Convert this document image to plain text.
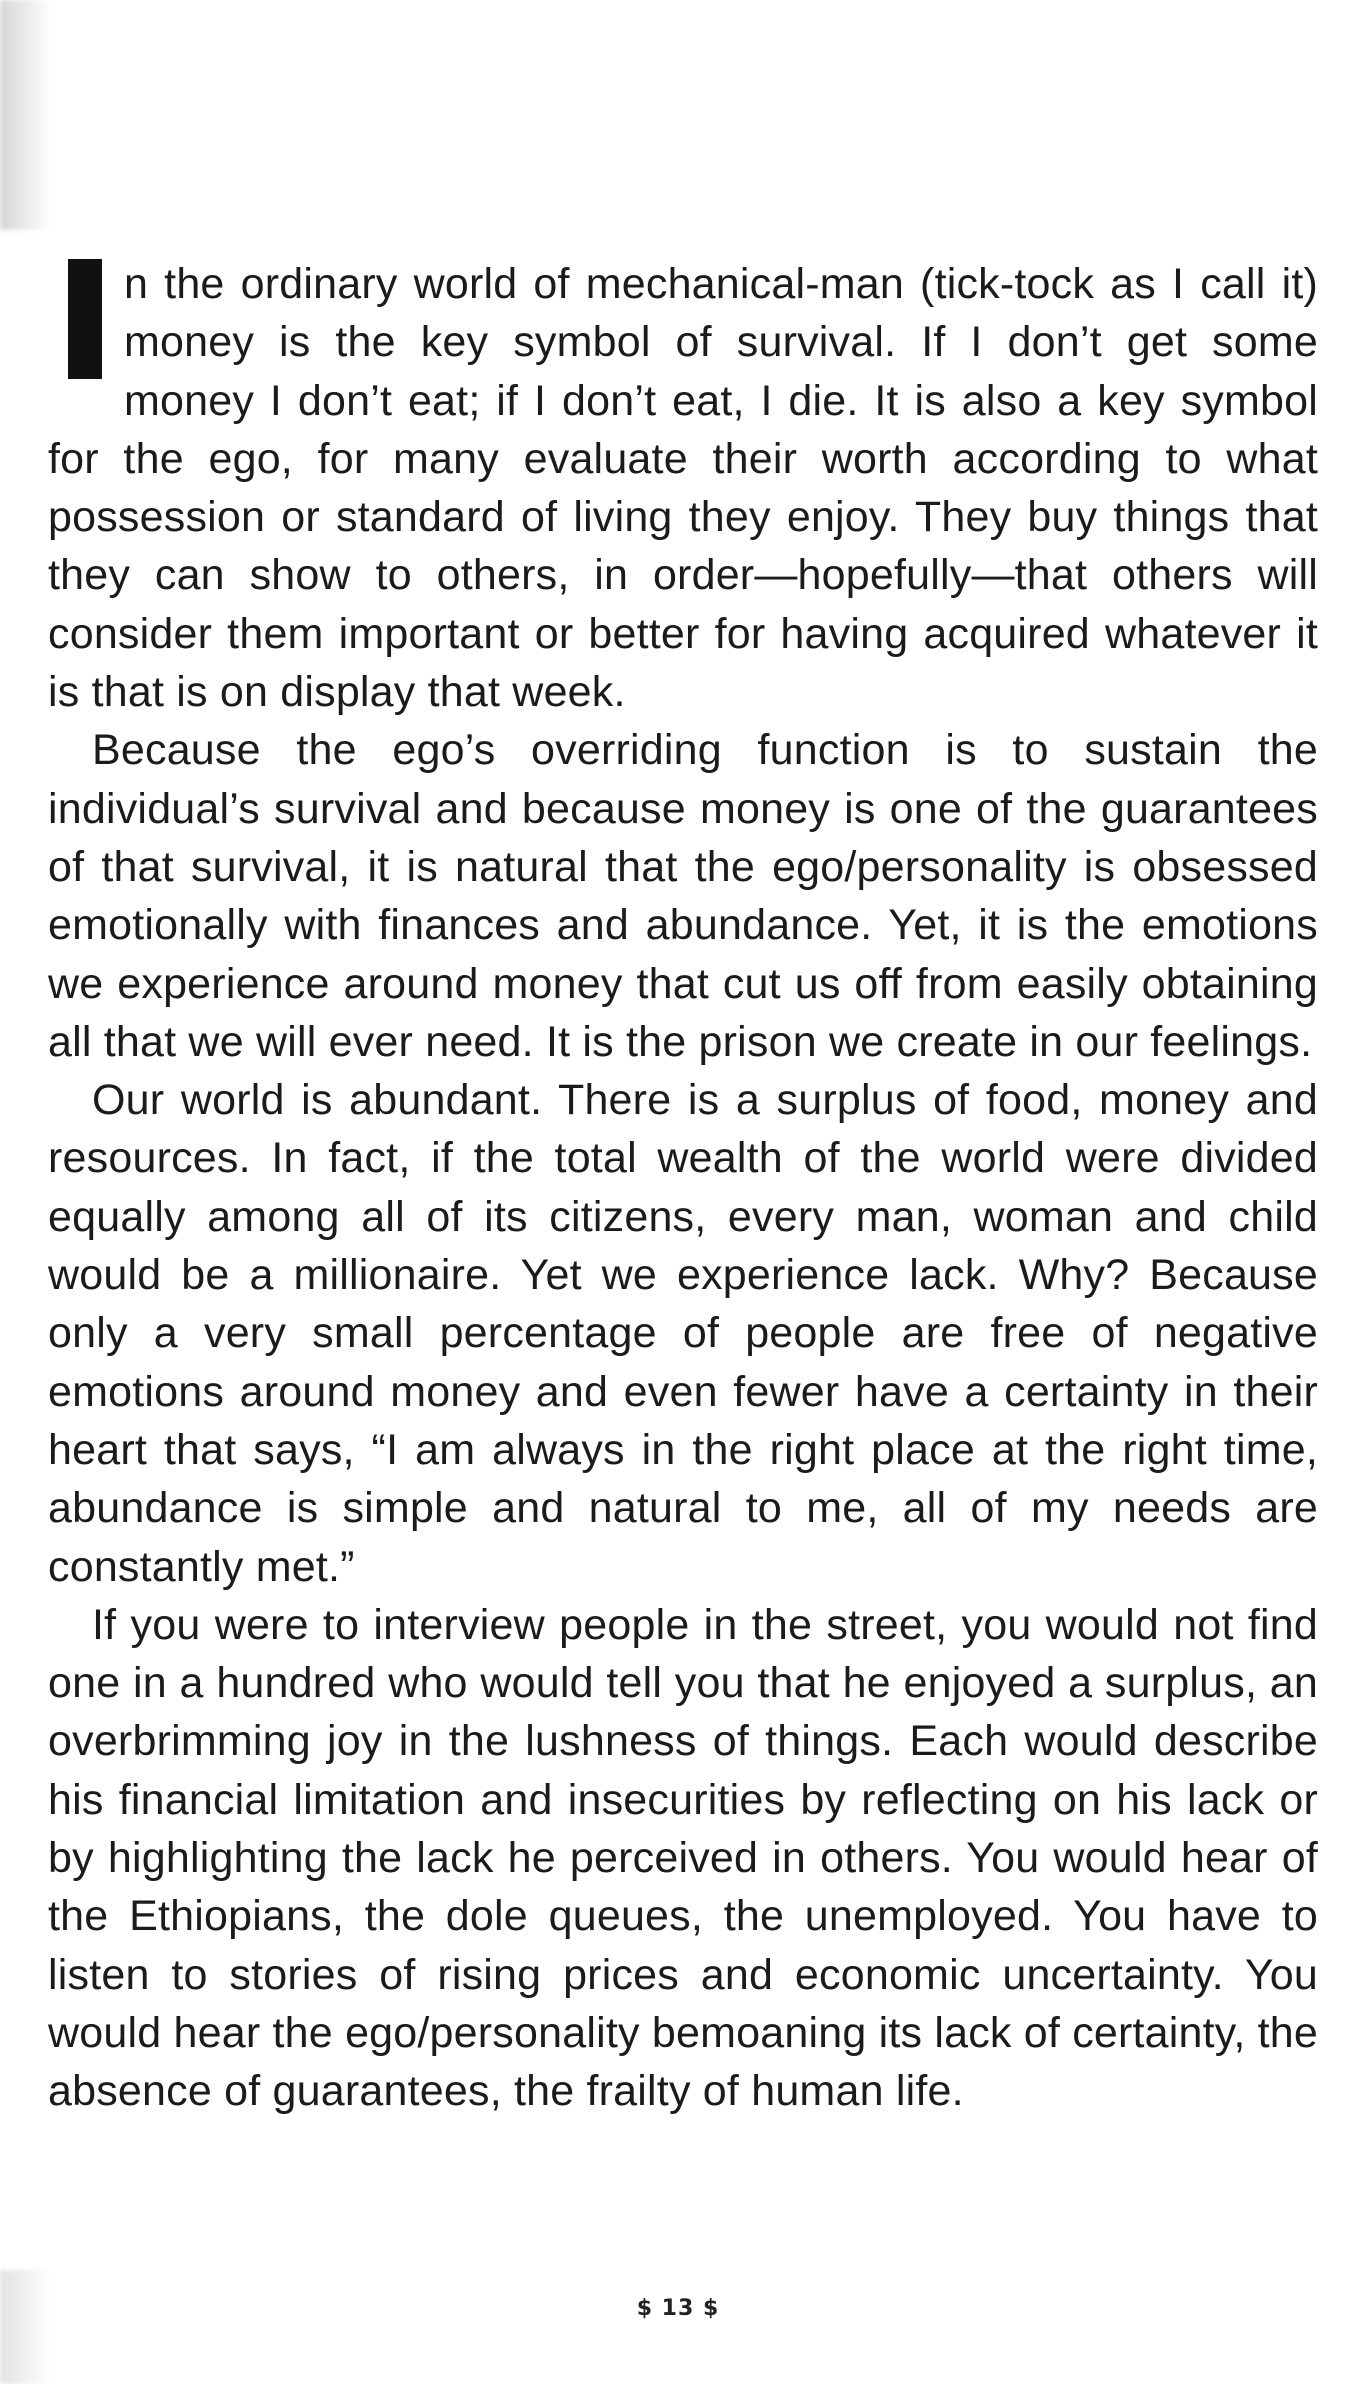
n the ordinary world of mechanical-man (tick-tock as I call it) money is the key symbol of survival. If I don’t get some money I don’t eat; if I don’t eat, I die. It is also a key symbol for the ego, for many evaluate their worth according to what possession or standard of living they enjoy. They buy things that they can show to others, in order—hopefully—that others will consider them important or better for having acquired whatever it is that is on display that week.

Because the ego’s overriding function is to sustain the individual’s survival and because money is one of the guarantees of that survival, it is natural that the ego/personality is obsessed emotionally with finances and abundance. Yet, it is the emotions we experience around money that cut us off from easily obtaining all that we will ever need. It is the prison we create in our feelings.

Our world is abundant. There is a surplus of food, money and resources. In fact, if the total wealth of the world were divided equally among all of its citizens, every man, woman and child would be a millionaire. Yet we experience lack. Why? Because only a very small percentage of people are free of negative emotions around money and even fewer have a certainty in their heart that says, “I am always in the right place at the right time, abundance is simple and natural to me, all of my needs are constantly met.”

If you were to interview people in the street, you would not find one in a hundred who would tell you that he enjoyed a surplus, an overbrimming joy in the lushness of things. Each would describe his financial limitation and insecurities by reflecting on his lack or by highlighting the lack he perceived in others. You would hear of the Ethiopians, the dole queues, the unemployed. You have to listen to stories of rising prices and economic uncertainty. You would hear the ego/personality bemoaning its lack of certainty, the absence of guarantees, the frailty of human life.

$ 13 $
